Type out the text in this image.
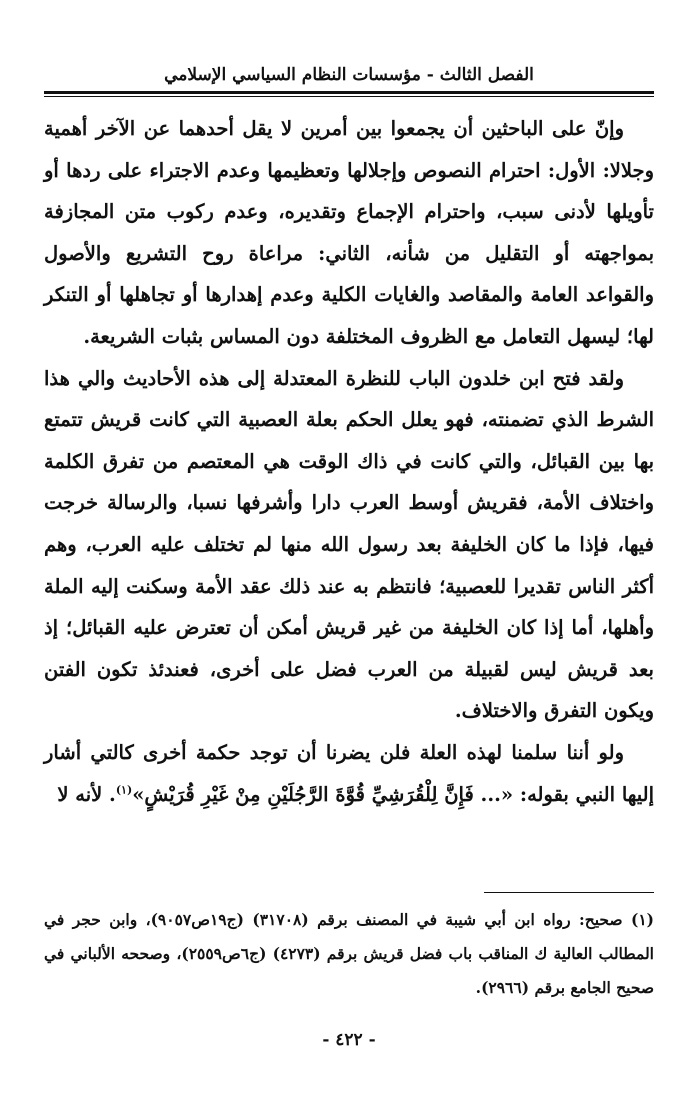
الفصل الثالث - مؤسسات النظام السياسي الإسلامي

وإنّ على الباحثين أن يجمعوا بين أمرين لا يقل أحدهما عن الآخر أهمية وجلالا: الأول: احترام النصوص وإجلالها وتعظيمها وعدم الاجتراء على ردها أو تأويلها لأدنى سبب، واحترام الإجماع وتقديره، وعدم ركوب متن المجازفة بمواجهته أو التقليل من شأنه، الثاني: مراعاة روح التشريع والأصول والقواعد العامة والمقاصد والغايات الكلية وعدم إهدارها أو تجاهلها أو التنكر لها؛ ليسهل التعامل مع الظروف المختلفة دون المساس بثبات الشريعة.

ولقد فتح ابن خلدون الباب للنظرة المعتدلة إلى هذه الأحاديث والي هذا الشرط الذي تضمنته، فهو يعلل الحكم بعلة العصبية التي كانت قريش تتمتع بها بين القبائل، والتي كانت في ذاك الوقت هي المعتصم من تفرق الكلمة واختلاف الأمة، فقريش أوسط العرب دارا وأشرفها نسبا، والرسالة خرجت فيها، فإذا ما كان الخليفة بعد رسول الله منها لم تختلف عليه العرب، وهم أكثر الناس تقديرا للعصبية؛ فانتظم به عند ذلك عقد الأمة وسكنت إليه الملة وأهلها، أما إذا كان الخليفة من غير قريش أمكن أن تعترض عليه القبائل؛ إذ بعد قريش ليس لقبيلة من العرب فضل على أخرى، فعندئذ تكون الفتن ويكون التفرق والاختلاف.

ولو أننا سلمنا لهذه العلة فلن يضرنا أن توجد حكمة أخرى كالتي أشار إليها النبي بقوله: «... فَإِنَّ لِلْقُرَشِيِّ قُوَّةَ الرَّجُلَيْنِ مِنْ غَيْرِ قُرَيْشٍ»$^{(١)}$. لأنه لا

(١) صحيح: رواه ابن أبي شيبة في المصنف برقم (٣١٧٠٨) (ج١٩ص٩٠٥٧)، وابن حجر في المطالب العالية ك المناقب باب فضل قريش برقم (٤٢٧٣) (ج٦ص٢٥٥٩)، وصححه الألباني في صحيح الجامع برقم (٢٩٦٦).

- ٤٢٢ -
